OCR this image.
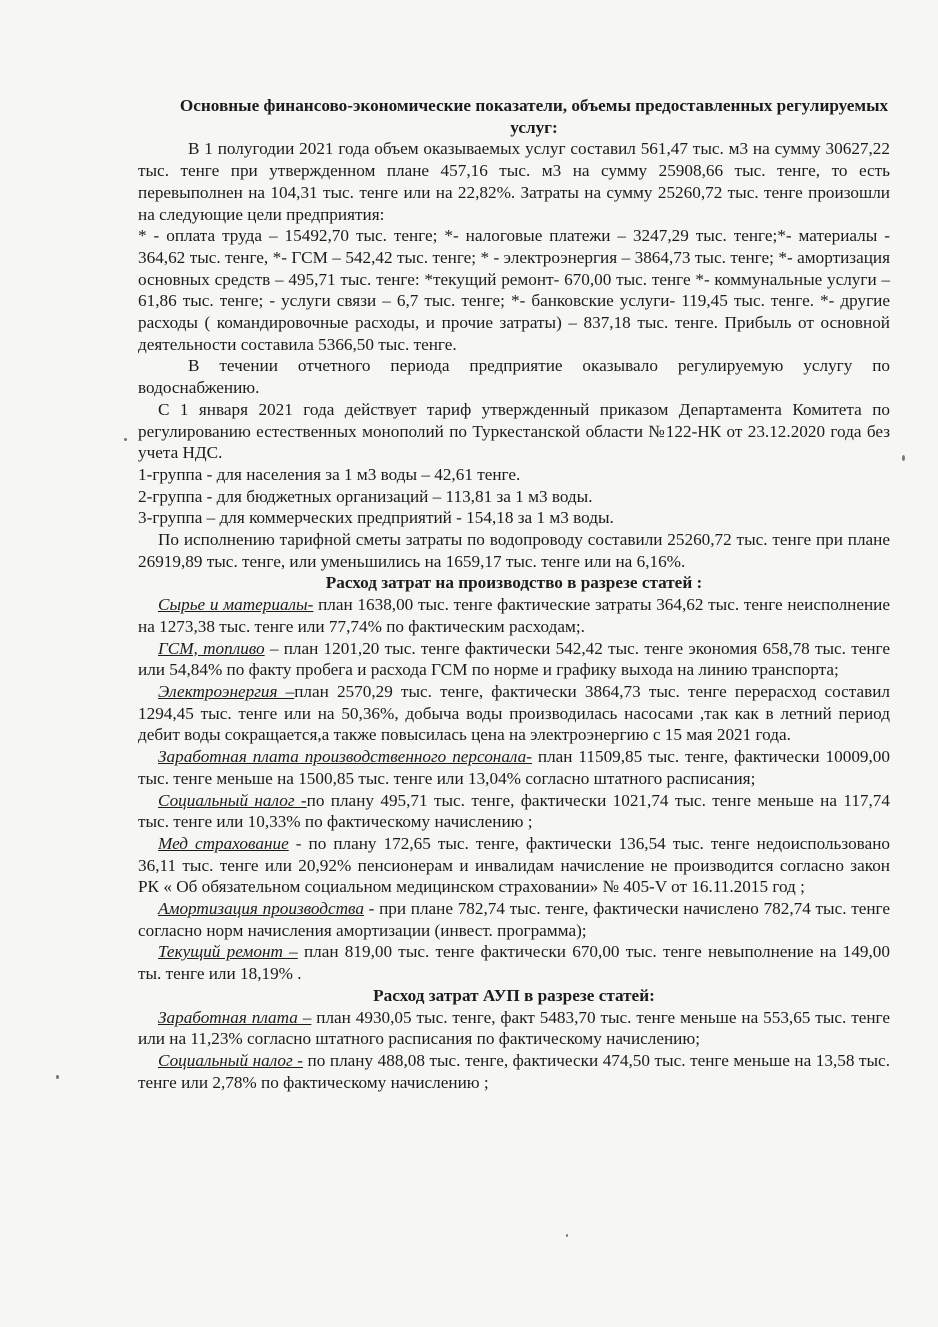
Основные финансово-экономические показатели, объемы предоставленных регулируемых услуг:

В 1 полугодии 2021 года объем оказываемых услуг составил 561,47 тыс. м3 на сумму 30627,22 тыс. тенге при утвержденном плане 457,16 тыс. м3 на сумму 25908,66 тыс. тенге, то есть перевыполнен на 104,31 тыс. тенге или на 22,82%. Затраты на сумму 25260,72 тыс. тенге произошли на следующие цели предприятия:

* - оплата труда – 15492,70 тыс. тенге; *- налоговые платежи – 3247,29 тыс. тенге;*- материалы - 364,62 тыс. тенге, *- ГСМ – 542,42 тыс. тенге; * - электроэнергия – 3864,73 тыс. тенге; *- амортизация основных средств – 495,71 тыс. тенге: *текущий ремонт- 670,00 тыс. тенге *- коммунальные услуги – 61,86 тыс. тенге; - услуги связи – 6,7 тыс. тенге; *- банковские услуги- 119,45 тыс. тенге. *- другие расходы ( командировочные расходы, и прочие затраты) – 837,18 тыс. тенге. Прибыль от основной деятельности составила 5366,50 тыс. тенге.

В течении отчетного периода предприятие оказывало регулируемую услугу по водоснабжению.

С 1 января 2021 года действует тариф утвержденный приказом Департамента Комитета по регулированию естественных монополий по Туркестанской области №122-НК от 23.12.2020 года без учета НДС.

1-группа - для населения за 1 м3 воды – 42,61 тенге.

2-группа - для бюджетных организаций – 113,81 за 1 м3 воды.

3-группа – для коммерческих предприятий - 154,18 за 1 м3 воды.

По исполнению тарифной сметы затраты по водопроводу составили 25260,72 тыс. тенге при плане 26919,89 тыс. тенге, или уменьшились на 1659,17 тыс. тенге или на 6,16%.

Расход затрат на производство в разрезе статей :

Сырье и материалы- план 1638,00 тыс. тенге фактические затраты 364,62 тыс. тенге неисполнение на 1273,38 тыс. тенге или 77,74% по фактическим расходам;.

ГСМ, топливо – план 1201,20 тыс. тенге фактически 542,42 тыс. тенге экономия 658,78 тыс. тенге или 54,84% по факту пробега и расхода ГСМ по норме и графику выхода на линию транспорта;

Электроэнергия –план 2570,29 тыс. тенге, фактически 3864,73 тыс. тенге перерасход составил 1294,45 тыс. тенге или на 50,36%, добыча воды производилась насосами ,так как в летний период дебит воды сокращается,а также повысилась цена на электроэнергию с 15 мая 2021 года.

Заработная плата производственного персонала- план 11509,85 тыс. тенге, фактически 10009,00 тыс. тенге меньше на 1500,85 тыс. тенге или 13,04% согласно штатного расписания;

Социальный налог -по плану 495,71 тыс. тенге, фактически 1021,74 тыс. тенге меньше на 117,74 тыс. тенге или 10,33% по фактическому начислению ;

Мед страхование - по плану 172,65 тыс. тенге, фактически 136,54 тыс. тенге недоиспользовано 36,11 тыс. тенге или 20,92% пенсионерам и инвалидам начисление не производится согласно закон РК « Об обязательном социальном медицинском страховании» № 405-V от 16.11.2015 год ;

Амортизация производства - при плане 782,74 тыс. тенге, фактически начислено 782,74 тыс. тенге согласно норм начисления амортизации (инвест. программа);

Текущий ремонт – план 819,00 тыс. тенге фактически 670,00 тыс. тенге невыполнение на 149,00 ты. тенге или 18,19% .

Расход затрат АУП в разрезе статей:

Заработная плата – план 4930,05 тыс. тенге, факт 5483,70 тыс. тенге меньше на 553,65 тыс. тенге или на 11,23% согласно штатного расписания по фактическому начислению;

Социальный налог - по плану 488,08 тыс. тенге, фактически 474,50 тыс. тенге меньше на 13,58 тыс. тенге или 2,78% по фактическому начислению ;
